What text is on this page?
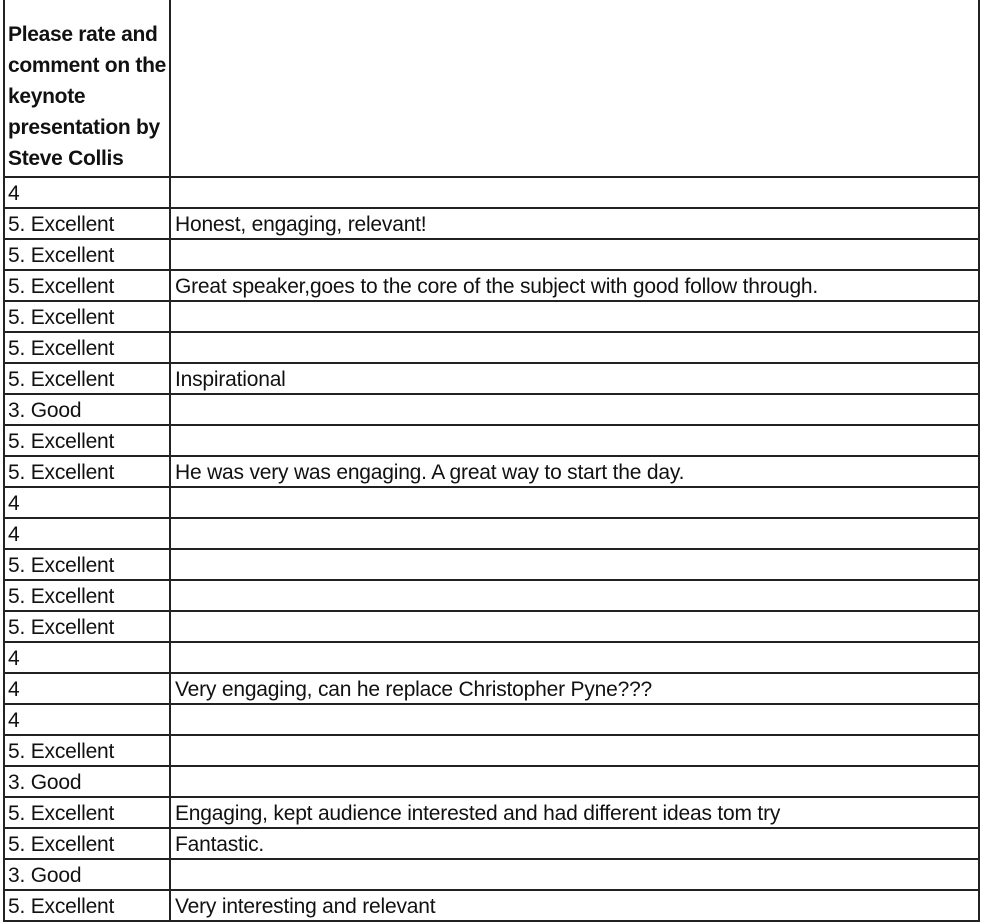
Please rate and comment on the keynote presentation by Steve Collis
4
5. Excellent	Honest, engaging, relevant!
5. Excellent
5. Excellent	Great speaker,goes to the core of the subject with good follow through.
5. Excellent
5. Excellent
5. Excellent	Inspirational
3. Good
5. Excellent
5. Excellent	He was very was engaging. A great way to start the day.
4
4
5. Excellent
5. Excellent
5. Excellent
4
4	Very engaging, can he replace Christopher Pyne???
4
5. Excellent
3. Good
5. Excellent	Engaging, kept audience interested and had different ideas tom try
5. Excellent	Fantastic.
3. Good
5. Excellent	Very interesting and relevant
